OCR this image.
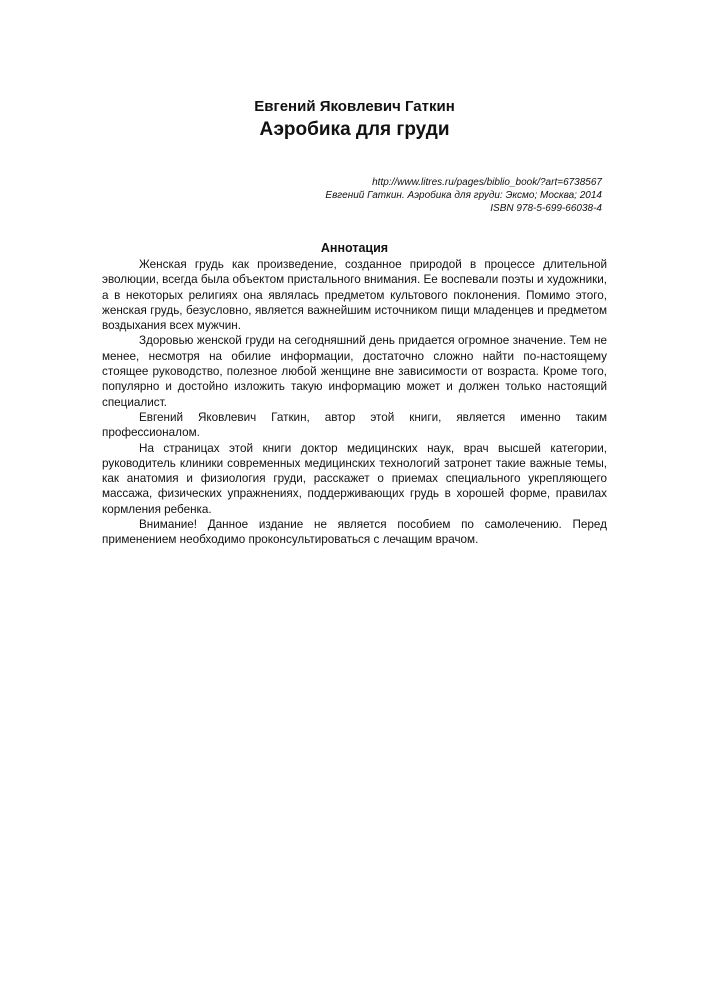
Евгений Яковлевич Гаткин
Аэробика для груди
http://www.litres.ru/pages/biblio_book/?art=6738567
Евгений Гаткин. Аэробика для груди: Эксмо; Москва; 2014
ISBN 978-5-699-66038-4
Аннотация

Женская грудь как произведение, созданное природой в процессе длительной эволюции, всегда была объектом пристального внимания. Ее воспевали поэты и художники, а в некоторых религиях она являлась предметом культового поклонения. Помимо этого, женская грудь, безусловно, является важнейшим источником пищи младенцев и предметом воздыхания всех мужчин.

Здоровью женской груди на сегодняшний день придается огромное значение. Тем не менее, несмотря на обилие информации, достаточно сложно найти по-настоящему стоящее руководство, полезное любой женщине вне зависимости от возраста. Кроме того, популярно и достойно изложить такую информацию может и должен только настоящий специалист.

Евгений Яковлевич Гаткин, автор этой книги, является именно таким профессионалом.

На страницах этой книги доктор медицинских наук, врач высшей категории, руководитель клиники современных медицинских технологий затронет такие важные темы, как анатомия и физиология груди, расскажет о приемах специального укрепляющего массажа, физических упражнениях, поддерживающих грудь в хорошей форме, правилах кормления ребенка.

Внимание! Данное издание не является пособием по самолечению. Перед применением необходимо проконсультироваться с лечащим врачом.
